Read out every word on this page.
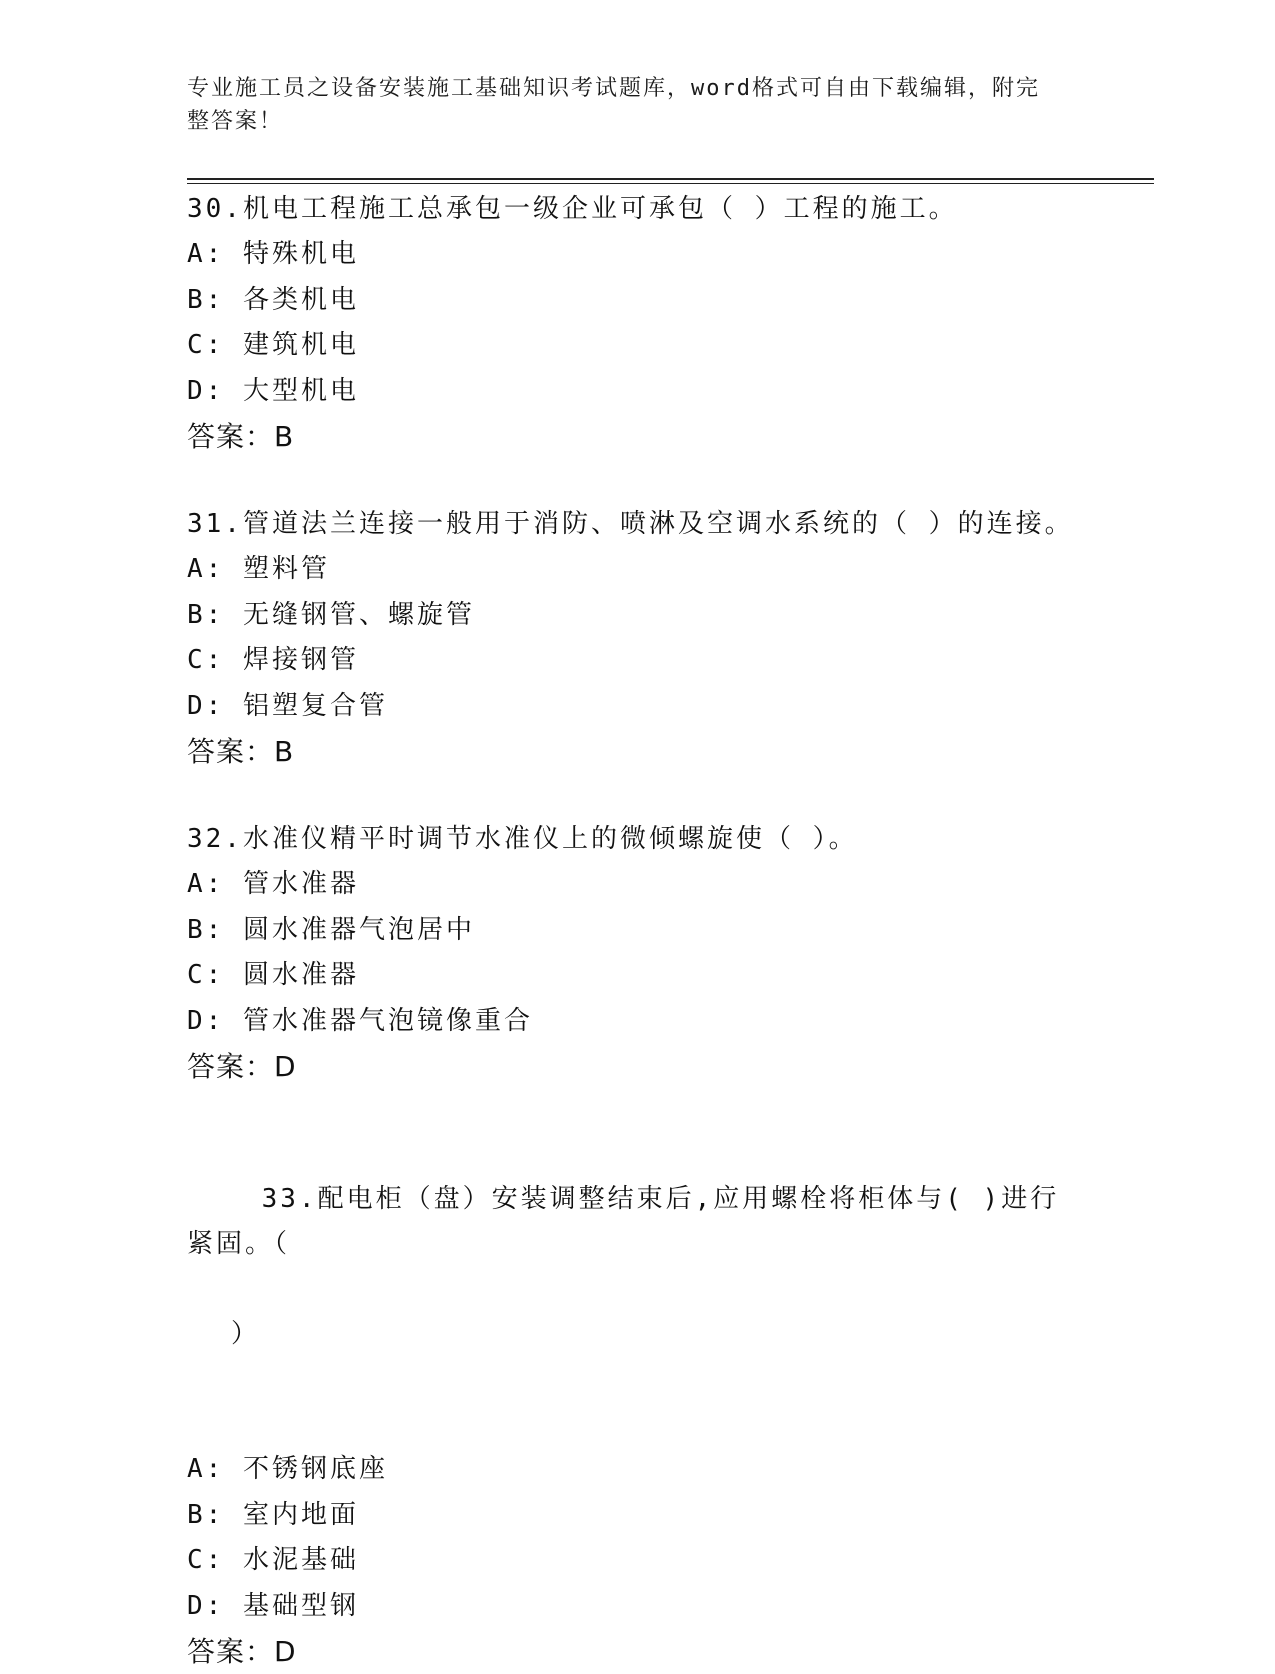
专业施工员之设备安装施工基础知识考试题库，word格式可自由下载编辑，附完
整答案！
30.机电工程施工总承包一级企业可承包（ ）工程的施工。
A: 特殊机电
B: 各类机电
C: 建筑机电
D: 大型机电
答案：B
31.管道法兰连接一般用于消防、喷淋及空调水系统的（ ）的连接。
A: 塑料管
B: 无缝钢管、螺旋管
C: 焊接钢管
D: 铝塑复合管
答案：B
32.水准仪精平时调节水准仪上的微倾螺旋使（ ）。
A: 管水准器
B: 圆水准器气泡居中
C: 圆水准器
D: 管水准器气泡镜像重合
答案：D

33.配电柜（盘）安装调整结束后,应用螺栓将柜体与( )进行紧固。（

）

A: 不锈钢底座
B: 室内地面
C: 水泥基础
D: 基础型钢
答案：D
